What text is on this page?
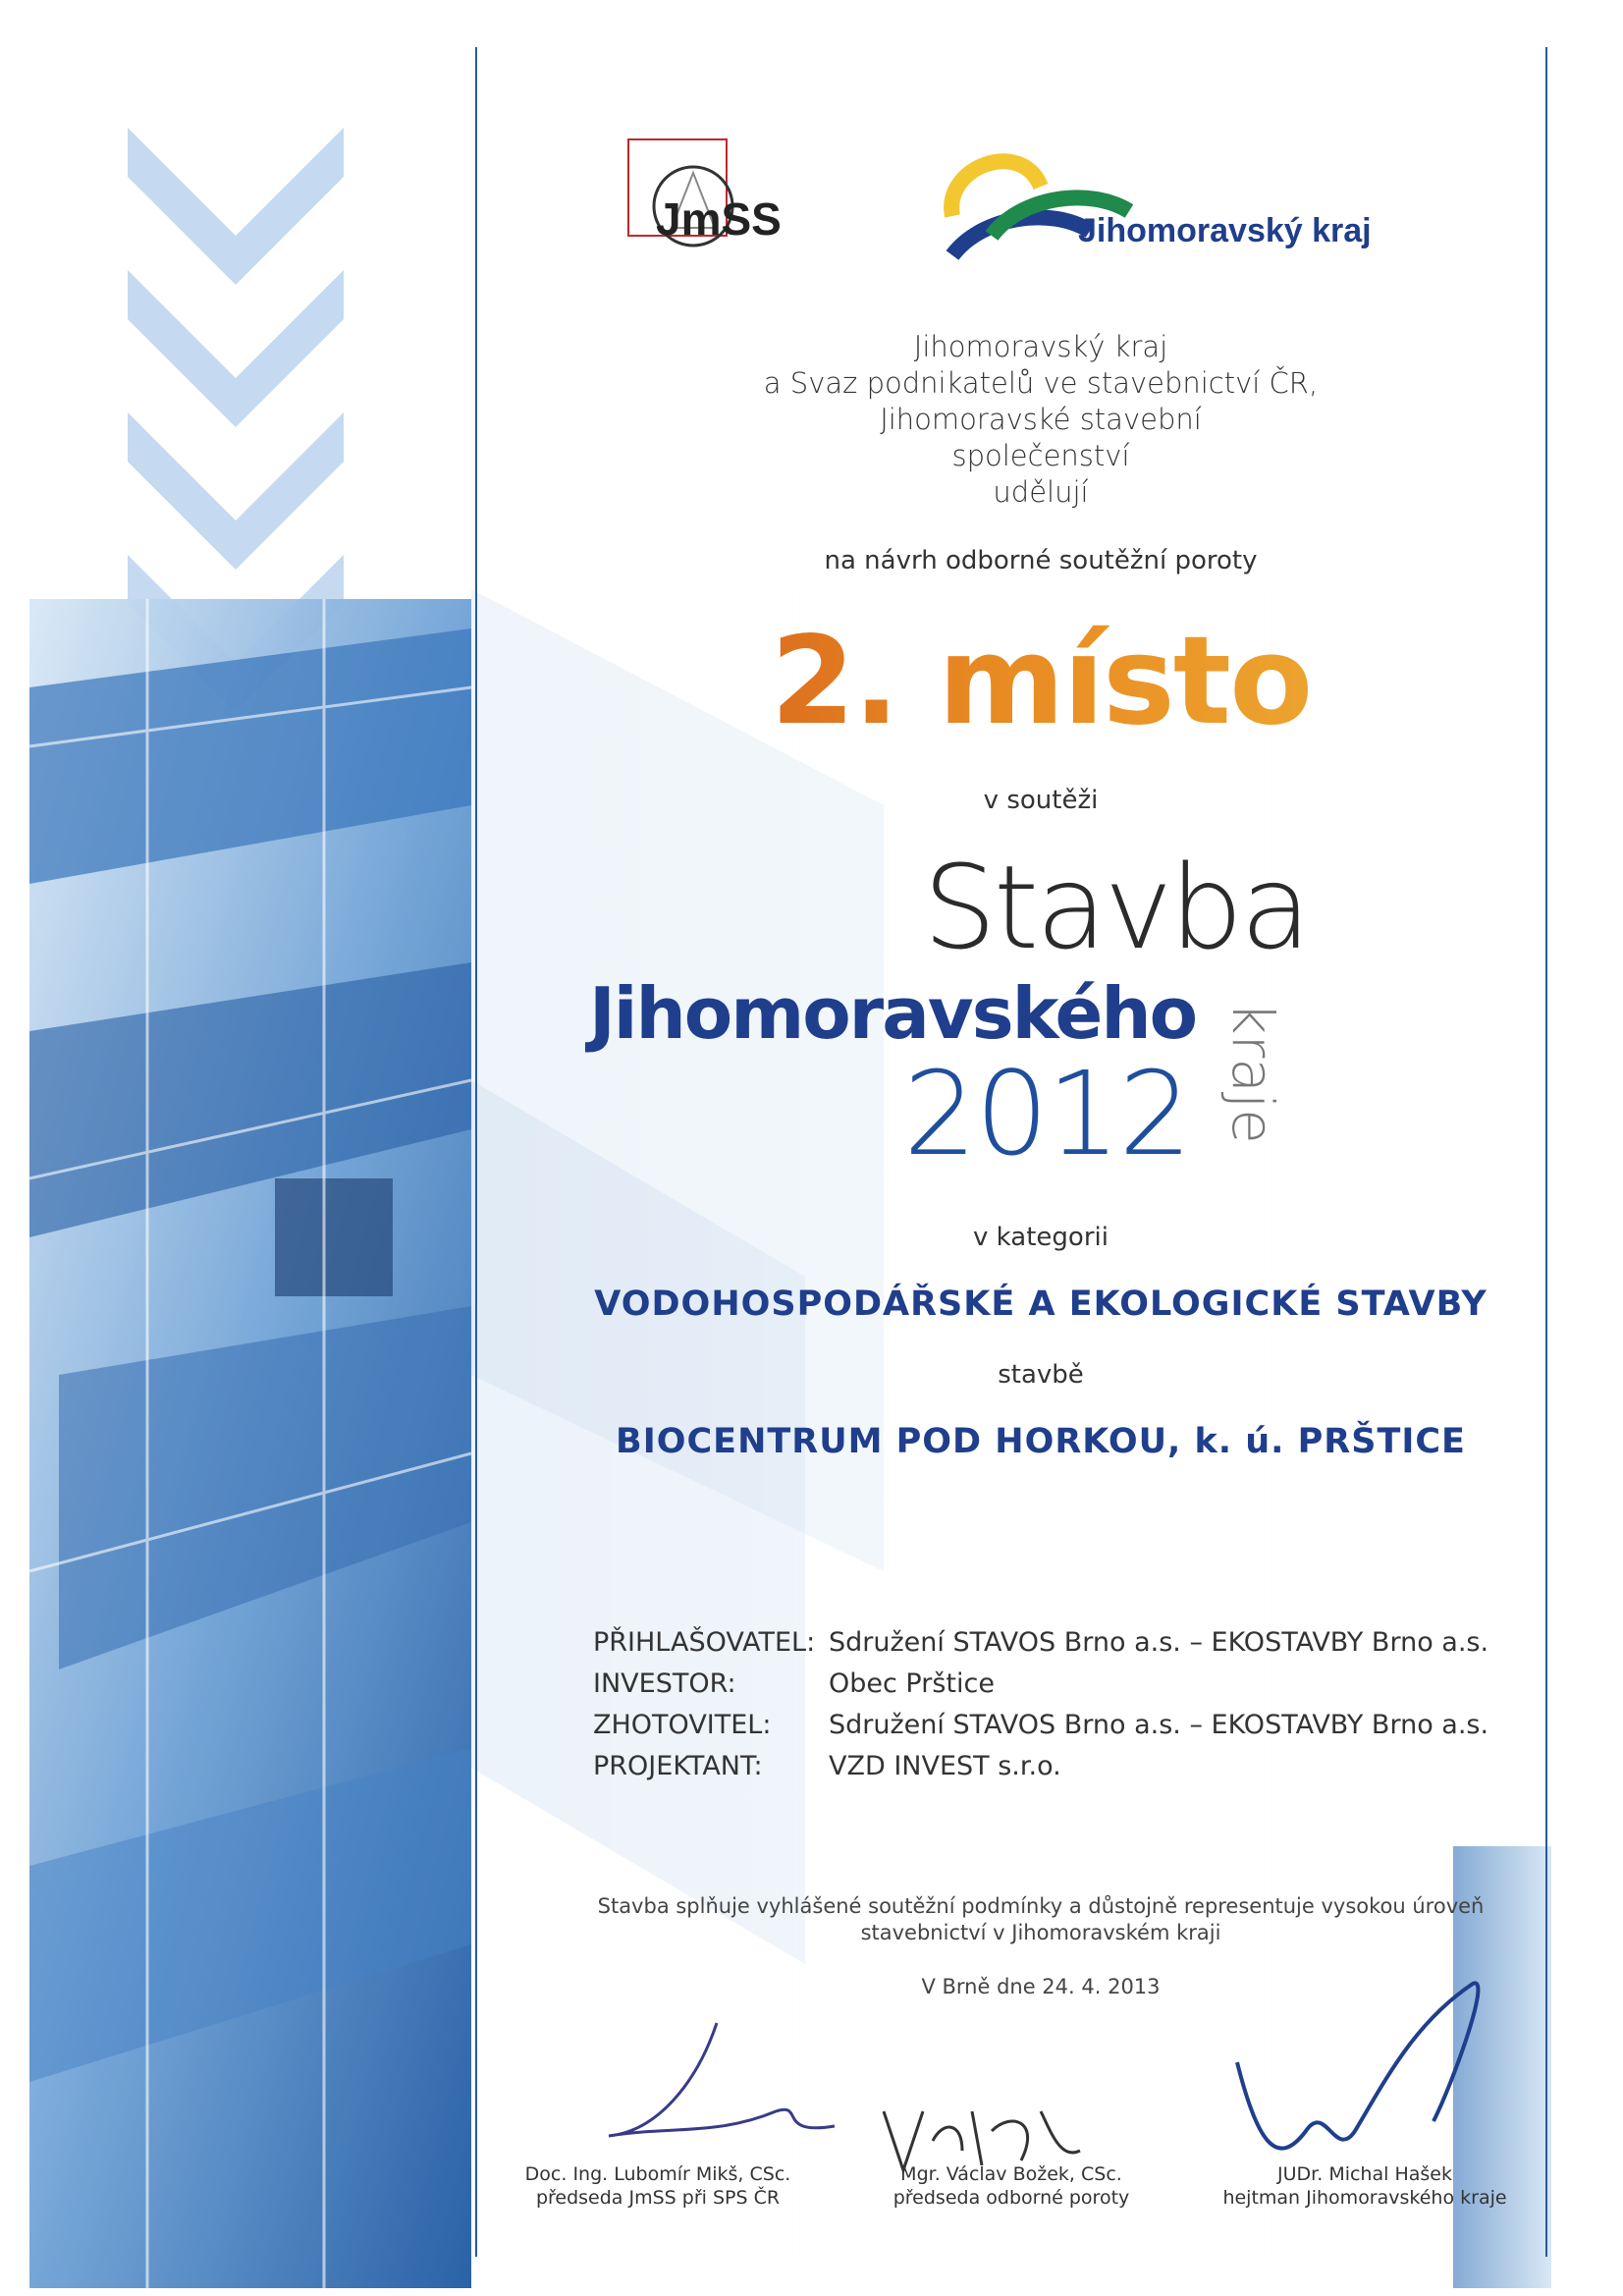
JmSS	Jihomoravský kraj
Jihomoravský kraj
a Svaz podnikatelů ve stavebnictví ČR,
Jihomoravské stavební
společenství
udělují
na návrh odborné soutěžní poroty
2. místo
v soutěži
Stavba
Jihomoravského
2012 kraje
v kategorii
VODOHOSPODÁŘSKÉ A EKOLOGICKÉ STAVBY
stavbě
BIOCENTRUM POD HORKOU, k. ú. PRŠTICE
PŘIHLAŠOVATEL: Sdružení STAVOS Brno a.s. – EKOSTAVBY Brno a.s.
INVESTOR:	Obec Prštice
ZHOTOVITEL:	Sdružení STAVOS Brno a.s. – EKOSTAVBY Brno a.s.
PROJEKTANT:	VZD INVEST s.r.o.
Stavba splňuje vyhlášené soutěžní podmínky a důstojně representuje vysokou úroveň
stavebnictví v Jihomoravském kraji
V Brně dne 24. 4. 2013
Doc. Ing. Lubomír Mikš, CSc.
předseda JmSS při SPS ČR
Mgr. Václav Božek, CSc.
předseda odborné poroty
JUDr. Michal Hašek
hejtman Jihomoravského kraje
